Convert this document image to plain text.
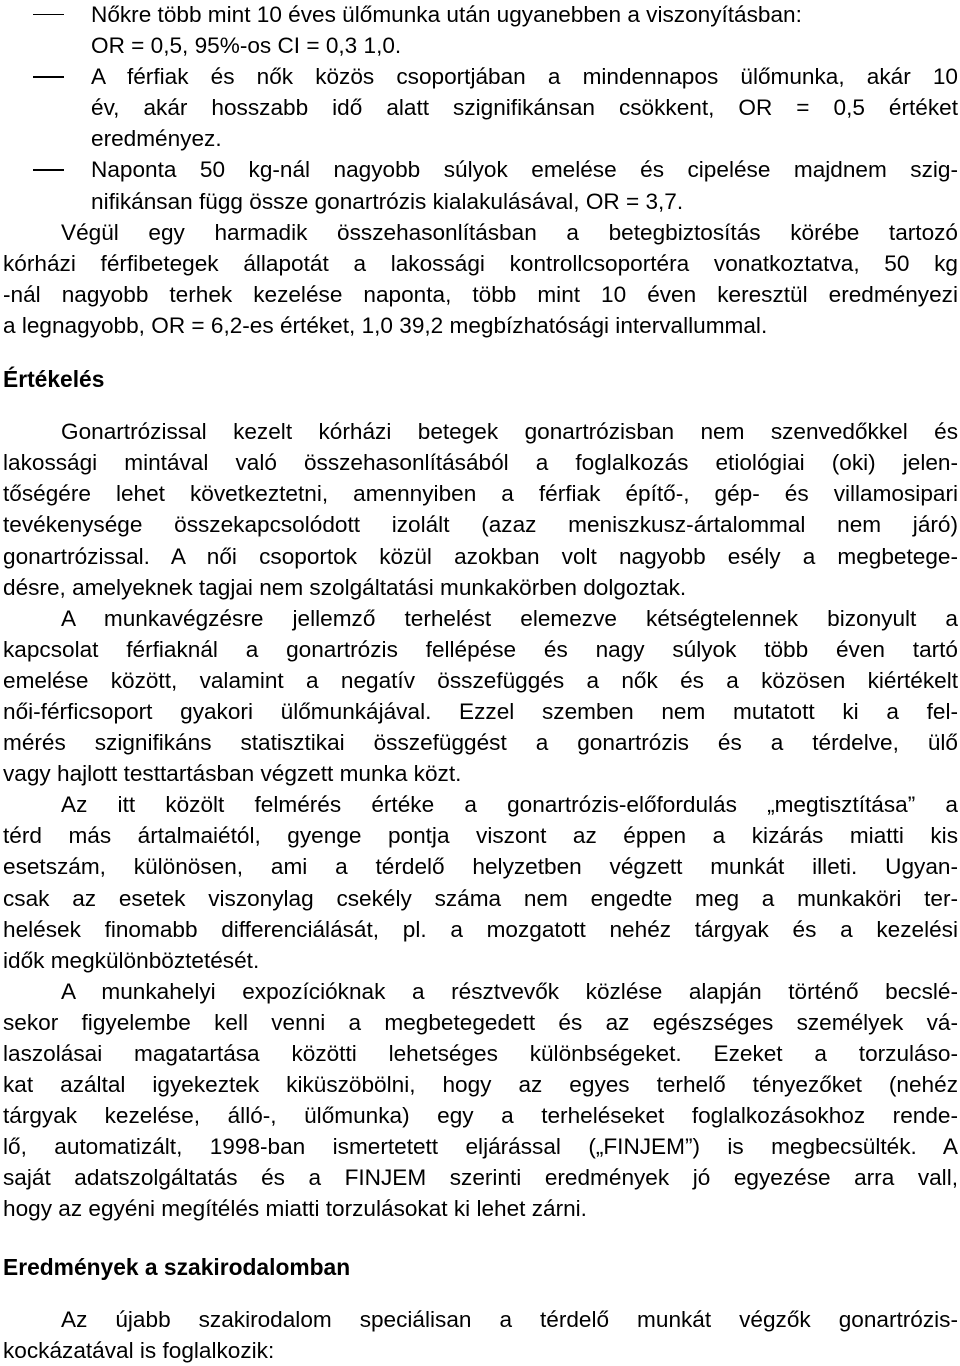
Nőkre több mint 10 éves ülőmunka után ugyanebben a viszonyításban:
OR = 0,5, 95%-os CI = 0,3 1,0.
A férfiak és nők közös csoportjában a mindennapos ülőmunka, akár 10
év, akár hosszabb idő alatt szignifikánsan csökkent, OR = 0,5 értéket
eredményez.
Naponta 50 kg-nál nagyobb súlyok emelése és cipelése majdnem szig-
nifikánsan függ össze gonartrózis kialakulásával, OR = 3,7.
Végül egy harmadik összehasonlításban a betegbiztosítás körébe tartozó
kórházi férfibetegek állapotát a lakossági kontrollcsoportéra vonatkoztatva, 50 kg
-nál nagyobb terhek kezelése naponta, több mint 10 éven keresztül eredményezi
a legnagyobb, OR = 6,2-es értéket, 1,0 39,2 megbízhatósági intervallummal.
Értékelés
Gonartrózissal kezelt kórházi betegek gonartrózisban nem szenvedőkkel és
lakossági mintával való összehasonlításából a foglalkozás etiológiai (oki) jelen-
tőségére lehet következtetni, amennyiben a férfiak építő-, gép- és villamosipari
tevékenysége összekapcsolódott izolált (azaz meniszkusz-ártalommal nem járó)
gonartrózissal. A női csoportok közül azokban volt nagyobb esély a megbetege-
désre, amelyeknek tagjai nem szolgáltatási munkakörben dolgoztak.
A munkavégzésre jellemző terhelést elemezve kétségtelennek bizonyult a
kapcsolat férfiaknál a gonartrózis fellépése és nagy súlyok több éven tartó
emelése között, valamint a negatív összefüggés a nők és a közösen kiértékelt
női-férficsoport gyakori ülőmunkájával. Ezzel szemben nem mutatott ki a fel-
mérés szignifikáns statisztikai összefüggést a gonartrózis és a térdelve, ülő
vagy hajlott testtartásban végzett munka közt.
Az itt közölt felmérés értéke a gonartrózis-előfordulás „megtisztítása” a
térd más ártalmaiétól, gyenge pontja viszont az éppen a kizárás miatti kis
esetszám, különösen, ami a térdelő helyzetben végzett munkát illeti. Ugyan-
csak az esetek viszonylag csekély száma nem engedte meg a munkaköri ter-
helések finomabb differenciálását, pl. a mozgatott nehéz tárgyak és a kezelési
idők megkülönböztetését.
A munkahelyi expozícióknak a résztvevők közlése alapján történő becslé-
sekor figyelembe kell venni a megbetegedett és az egészséges személyek vá-
laszolásai magatartása közötti lehetséges különbségeket. Ezeket a torzuláso-
kat azáltal igyekeztek kiküszöbölni, hogy az egyes terhelő tényezőket (nehéz
tárgyak kezelése, álló-, ülőmunka) egy a terheléseket foglalkozásokhoz rende-
lő, automatizált, 1998-ban ismertetett eljárással („FINJEM”) is megbecsülték. A
saját adatszolgáltatás és a FINJEM szerinti eredmények jó egyezése arra vall,
hogy az egyéni megítélés miatti torzulásokat ki lehet zárni.
Eredmények a szakirodalomban
Az újabb szakirodalom speciálisan a térdelő munkát végzők gonartrózis-
kockázatával is foglalkozik:
